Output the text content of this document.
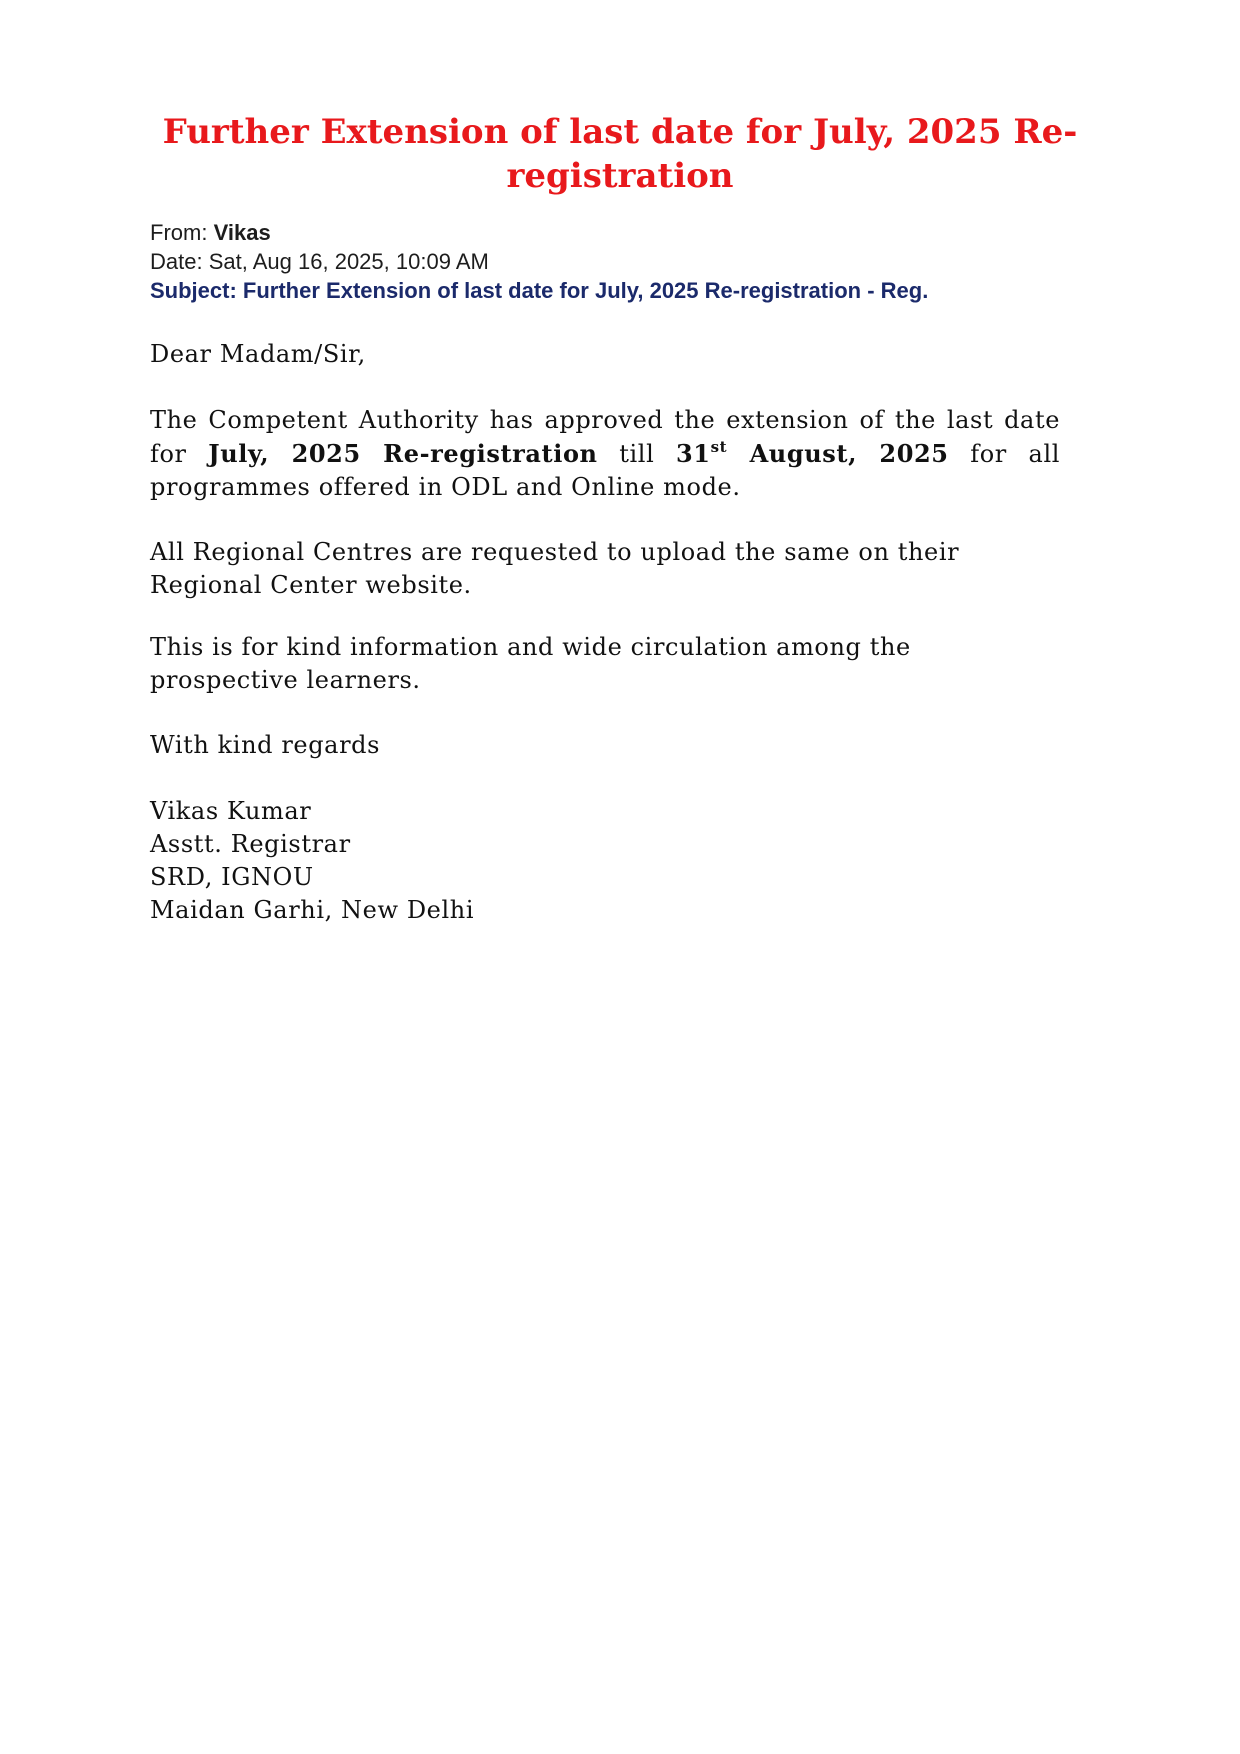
Further Extension of last date for July, 2025 Re-registration
From: Vikas
Date: Sat, Aug 16, 2025, 10:09 AM
Subject: Further Extension of last date for July, 2025 Re-registration - Reg.

Dear Madam/Sir,

The Competent Authority has approved the extension of the last date for July, 2025 Re-registration till 31st August, 2025 for all programmes offered in ODL and Online mode.

All Regional Centres are requested to upload the same on their Regional Center website.

This is for kind information and wide circulation among the prospective learners.

With kind regards

Vikas Kumar
Asstt. Registrar
SRD, IGNOU
Maidan Garhi, New Delhi
